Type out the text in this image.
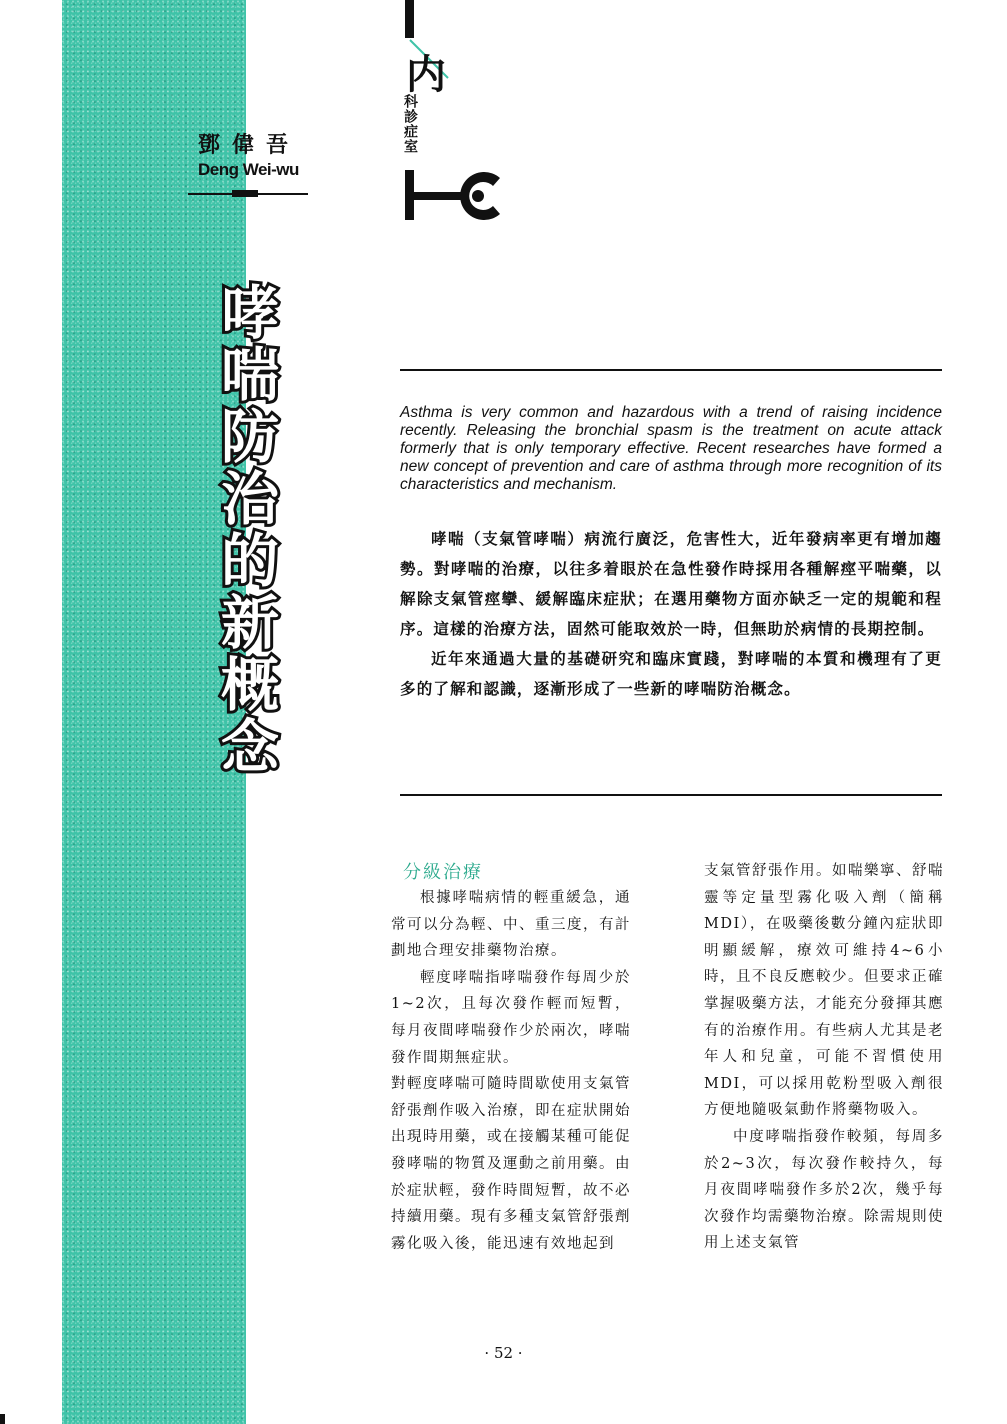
鄧偉吾
Deng Wei-wu
哮喘防治的新概念
内
科診症室
Asthma is very common and hazardous with a trend of raising incidence recently. Releasing the bronchial spasm is the treatment on acute attack formerly that is only temporary effective. Recent researches have formed a new concept of prevention and care of asthma through more recognition of its characteristics and mechanism.

哮喘（支氣管哮喘）病流行廣泛，危害性大，近年發病率更有增加趨勢。對哮喘的治療，以往多着眼於在急性發作時採用各種解痙平喘藥，以解除支氣管痙攣、緩解臨床症狀；在選用藥物方面亦缺乏一定的規範和程序。這樣的治療方法，固然可能取效於一時，但無助於病情的長期控制。

近年來通過大量的基礎研究和臨床實踐，對哮喘的本質和機理有了更多的了解和認識，逐漸形成了一些新的哮喘防治概念。

分級治療

根據哮喘病情的輕重緩急，通常可以分為輕、中、重三度，有計劃地合理安排藥物治療。

輕度哮喘指哮喘發作每周少於1~2次，且每次發作輕而短暫，每月夜間哮喘發作少於兩次，哮喘發作間期無症狀。

對輕度哮喘可隨時間歇使用支氣管舒張劑作吸入治療，即在症狀開始出現時用藥，或在接觸某種可能促發哮喘的物質及運動之前用藥。由於症狀輕，發作時間短暫，故不必持續用藥。現有多種支氣管舒張劑霧化吸入後，能迅速有效地起到

支氣管舒張作用。如喘樂寧、舒喘靈等定量型霧化吸入劑（簡稱MDI），在吸藥後數分鐘內症狀即明顯緩解，療效可維持4~6小時，且不良反應較少。但要求正確掌握吸藥方法，才能充分發揮其應有的治療作用。有些病人尤其是老年人和兒童，可能不習慣使用MDI，可以採用乾粉型吸入劑很方便地隨吸氣動作將藥物吸入。

中度哮喘指發作較頻，每周多於2~3次，每次發作較持久，每月夜間哮喘發作多於2次，幾乎每次發作均需藥物治療。除需規則使用上述支氣管

· 52 ·
